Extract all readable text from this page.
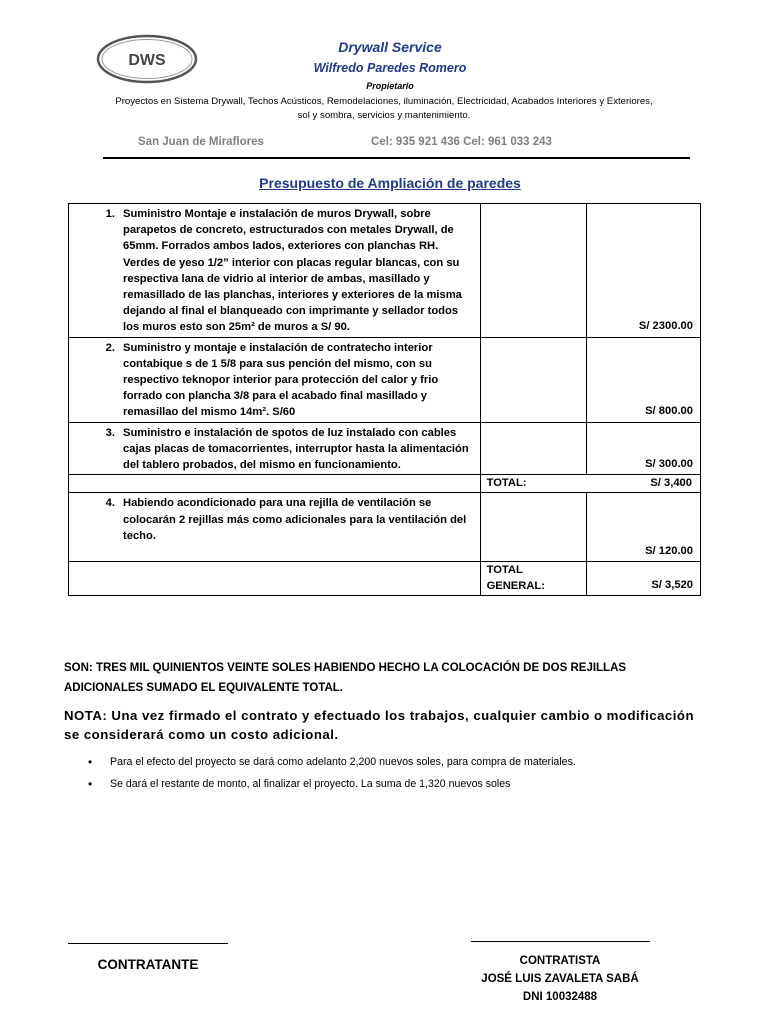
DWS
Drywall Service
Wilfredo Paredes Romero
Propietario
Proyectos en Sistema Drywall, Techos Acústicos, Remodelaciones, iluminación, Electricidad, Acabados Interiores y Exteriores,
sol y sombra, servicios y mantenimiento.
San Juan de Miraflores	Cel: 935 921 436 Cel: 961 033 243
Presupuesto de Ampliación de paredes
1. Suministro Montaje e instalación de muros Drywall, sobre parapetos de concreto, estructurados con metales Drywall, de 65mm. Forrados ambos lados, exteriores con planchas RH. Verdes de yeso 1/2” interior con placas regular blancas, con su respectiva lana de vidrio al interior de ambas, masillado y remasillado de las planchas, interiores y exteriores de la misma dejando al final el blanqueado con imprimante y sellador todos los muros esto son 25m² de muros a S/ 90.		S/ 2300.00

2. Suministro y montaje e instalación de contratecho interior contabique s de 1 5/8 para sus pención del mismo, con su respectivo teknopor interior para protección del calor y frio forrado con plancha 3/8 para el acabado final masillado y remasillao del mismo 14m². S/60		S/ 800.00

3. Suministro e instalación de spotos de luz instalado con cables cajas placas de tomacorrientes, interruptor hasta la alimentación del tablero probados, del mismo en funcionamiento.		S/ 300.00

	TOTAL: S/ 3,400	

4. Habiendo acondicionado para una rejilla de ventilación se colocarán 2 rejillas más como adicionales para la ventilación del techo.		S/ 120.00

	TOTAL
GENERAL:	S/ 3,520
SON: TRES MIL QUINIENTOS VEINTE SOLES HABIENDO HECHO LA COLOCACIÓN DE DOS REJILLAS ADICIONALES SUMADO EL EQUIVALENTE TOTAL.
NOTA: Una vez firmado el contrato y efectuado los trabajos, cualquier cambio o modificación se considerará como un costo adicional.
•	Para el efecto del proyecto se dará como adelanto 2,200 nuevos soles, para compra de materiales.
•	Se dará el restante de monto, al finalizar el proyecto. La suma de 1,320 nuevos soles
CONTRATANTE	CONTRATISTA
JOSÉ LUIS ZAVALETA SABÁ
DNI 10032488
